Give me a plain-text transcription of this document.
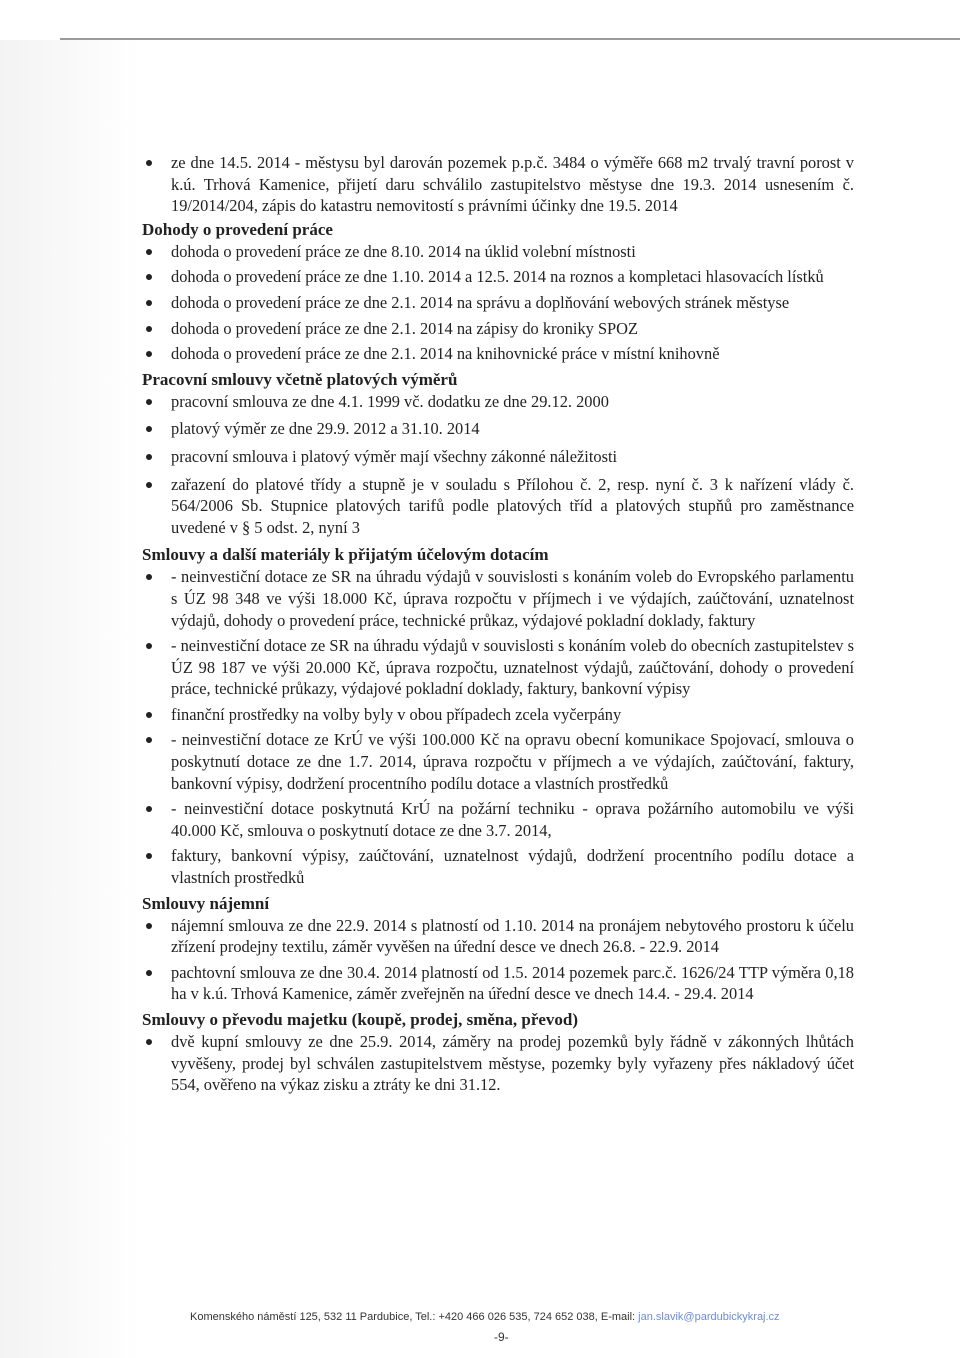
ze dne 14.5. 2014 - městysu byl darován pozemek p.p.č. 3484 o výměře 668 m2 trvalý travní porost v k.ú. Trhová Kamenice, přijetí daru schválilo zastupitelstvo městyse dne 19.3. 2014 usnesením č. 19/2014/204, zápis do katastru nemovitostí s právními účinky dne 19.5. 2014
Dohody o provedení práce
dohoda o provedení práce ze dne 8.10. 2014 na úklid volební místnosti
dohoda o provedení práce ze dne 1.10. 2014 a 12.5. 2014 na roznos a kompletaci hlasovacích lístků
dohoda o provedení práce ze dne 2.1. 2014 na správu a doplňování webových stránek městyse
dohoda o provedení práce ze dne 2.1. 2014 na zápisy do kroniky SPOZ
dohoda o provedení práce ze dne 2.1. 2014 na knihovnické práce v místní knihovně
Pracovní smlouvy včetně platových výměrů
pracovní smlouva ze dne 4.1. 1999 vč. dodatku ze dne 29.12. 2000
platový výměr ze dne 29.9. 2012 a 31.10. 2014
pracovní smlouva i platový výměr mají všechny zákonné náležitosti
zařazení do platové třídy a stupně je v souladu s Přílohou č. 2, resp. nyní č. 3 k nařízení vlády č. 564/2006 Sb. Stupnice platových tarifů podle platových tříd a platových stupňů pro zaměstnance uvedené v § 5 odst. 2, nyní 3
Smlouvy a další materiály k přijatým účelovým dotacím
- neinvestiční dotace ze SR na úhradu výdajů v souvislosti s konáním voleb do Evropského parlamentu s ÚZ 98 348 ve výši 18.000 Kč, úprava rozpočtu v příjmech i ve výdajích, zaúčtování, uznatelnost výdajů, dohody o provedení práce, technické průkaz, výdajové pokladní doklady, faktury
- neinvestiční dotace ze SR na úhradu výdajů v souvislosti s konáním voleb do obecních zastupitelstev s ÚZ 98 187 ve výši 20.000 Kč, úprava rozpočtu, uznatelnost výdajů, zaúčtování, dohody o provedení práce, technické průkazy, výdajové pokladní doklady, faktury, bankovní výpisy
finanční prostředky na volby byly v obou případech zcela vyčerpány
- neinvestiční dotace ze KrÚ ve výši 100.000 Kč na opravu obecní komunikace Spojovací, smlouva o poskytnutí dotace ze dne 1.7. 2014, úprava rozpočtu v příjmech a ve výdajích, zaúčtování, faktury, bankovní výpisy, dodržení procentního podílu dotace a vlastních prostředků
- neinvestiční dotace poskytnutá KrÚ na požární techniku - oprava požárního automobilu ve výši 40.000 Kč, smlouva o poskytnutí dotace ze dne 3.7. 2014,
faktury, bankovní výpisy, zaúčtování, uznatelnost výdajů, dodržení procentního podílu dotace a vlastních prostředků
Smlouvy nájemní
nájemní smlouva ze dne 22.9. 2014 s platností od 1.10. 2014 na pronájem nebytového prostoru k účelu zřízení prodejny textilu, záměr vyvěšen na úřední desce ve dnech 26.8. - 22.9. 2014
pachtovní smlouva ze dne 30.4. 2014 platností od 1.5. 2014 pozemek parc.č. 1626/24 TTP výměra 0,18 ha v k.ú. Trhová Kamenice, záměr zveřejněn na úřední desce ve dnech 14.4. - 29.4. 2014
Smlouvy o převodu majetku (koupě, prodej, směna, převod)
dvě kupní smlouvy ze dne 25.9. 2014, záměry na prodej pozemků byly řádně v zákonných lhůtách vyvěšeny, prodej byl schválen zastupitelstvem městyse, pozemky byly vyřazeny přes nákladový účet 554, ověřeno na výkaz zisku a ztráty ke dni 31.12.
Komenského náměstí 125, 532 11 Pardubice, Tel.: +420 466 026 535, 724 652 038, E-mail: jan.slavik@pardubickykraj.cz
-9-
